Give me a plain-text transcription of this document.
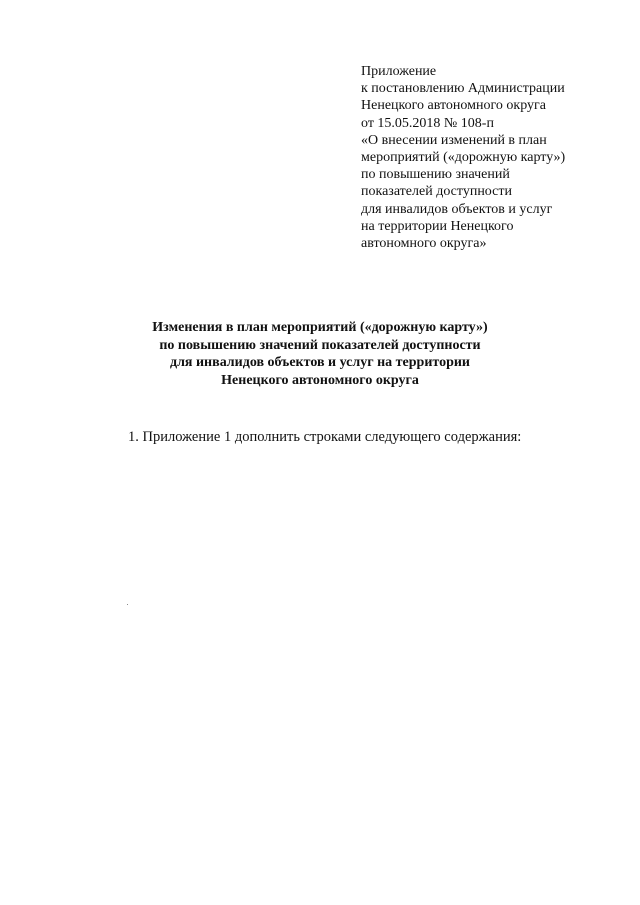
Приложение
к постановлению Администрации
Ненецкого автономного округа
от 15.05.2018 № 108-п
«О внесении изменений в план
мероприятий («дорожную карту»)
по повышению значений
показателей доступности
для инвалидов объектов и услуг
на территории Ненецкого
автономного округа»
Изменения в план мероприятий («дорожную карту»)
по повышению значений показателей доступности
для инвалидов объектов и услуг на территории
Ненецкого автономного округа
1. Приложение 1 дополнить строками следующего содержания:
